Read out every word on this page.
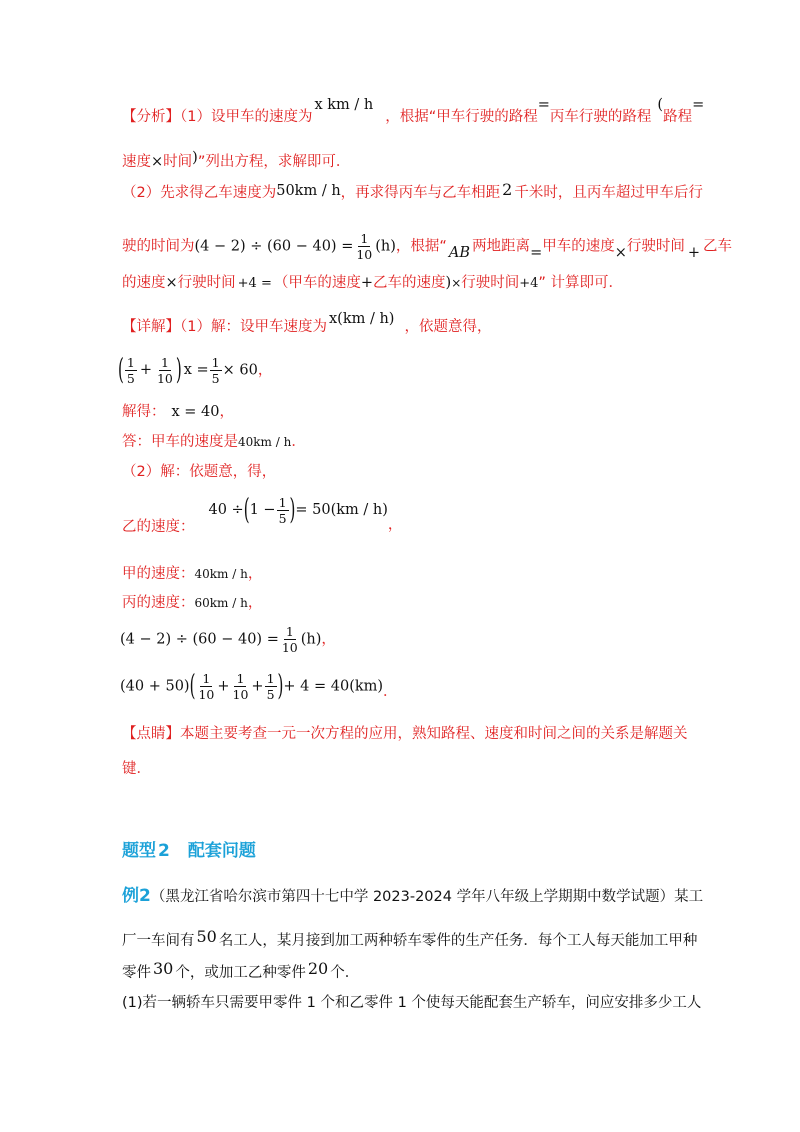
【分析】（1）设甲车的速度为x km / h，根据“甲车行驶的路程=丙车行驶的路程(路程=
速度×时间)”列出方程，求解即可．
（2）先求得乙车速度为50km / h，再求得丙车与乙车相距 2 千米时，且丙车超过甲车后行
驶的时间为$(4 - 2) \div (60 - 40) = \frac{1}{10} (h)$，根据“ AB 两地距离=甲车的速度×行驶时间 + 乙车
的速度×行驶时间 +4 = （甲车的速度+乙车的速度)×行驶时间+4” 计算即可．
【详解】（1）解：设甲车速度为 x(km / h) ，依题意得，
( $\frac{1}{5} + \frac{1}{10}$ ) $x = \frac{1}{5} \times 60$，
解得： x = 40，
答：甲车的速度是40km / h．
（2）解：依题意，得，
乙的速度：$40 \div(1 - \frac{1}{5}$ )= 50(km / h)，
甲的速度：40km / h，
丙的速度：60km / h，
$(4 - 2) \div (60 - 40) = \frac{1}{10} (h)$，
$(40 + 50)( \frac{1}{10} + \frac{1}{10} + \frac{1}{5}$ )+ 4 = 40(km)．
【点睛】本题主要考查一元一次方程的应用，熟知路程、速度和时间之间的关系是解题关
键．
题型 2 配套问题
例2（黑龙江省哈尔滨市第四十七中学 2023-2024 学年八年级上学期期中数学试题）某工
厂一车间有 50 名工人，某月接到加工两种轿车零件的生产任务．每个工人每天能加工甲种
零件 30 个，或加工乙种零件 20 个．
(1)若一辆轿车只需要甲零件 1 个和乙零件 1 个使每天能配套生产轿车，问应安排多少工人
